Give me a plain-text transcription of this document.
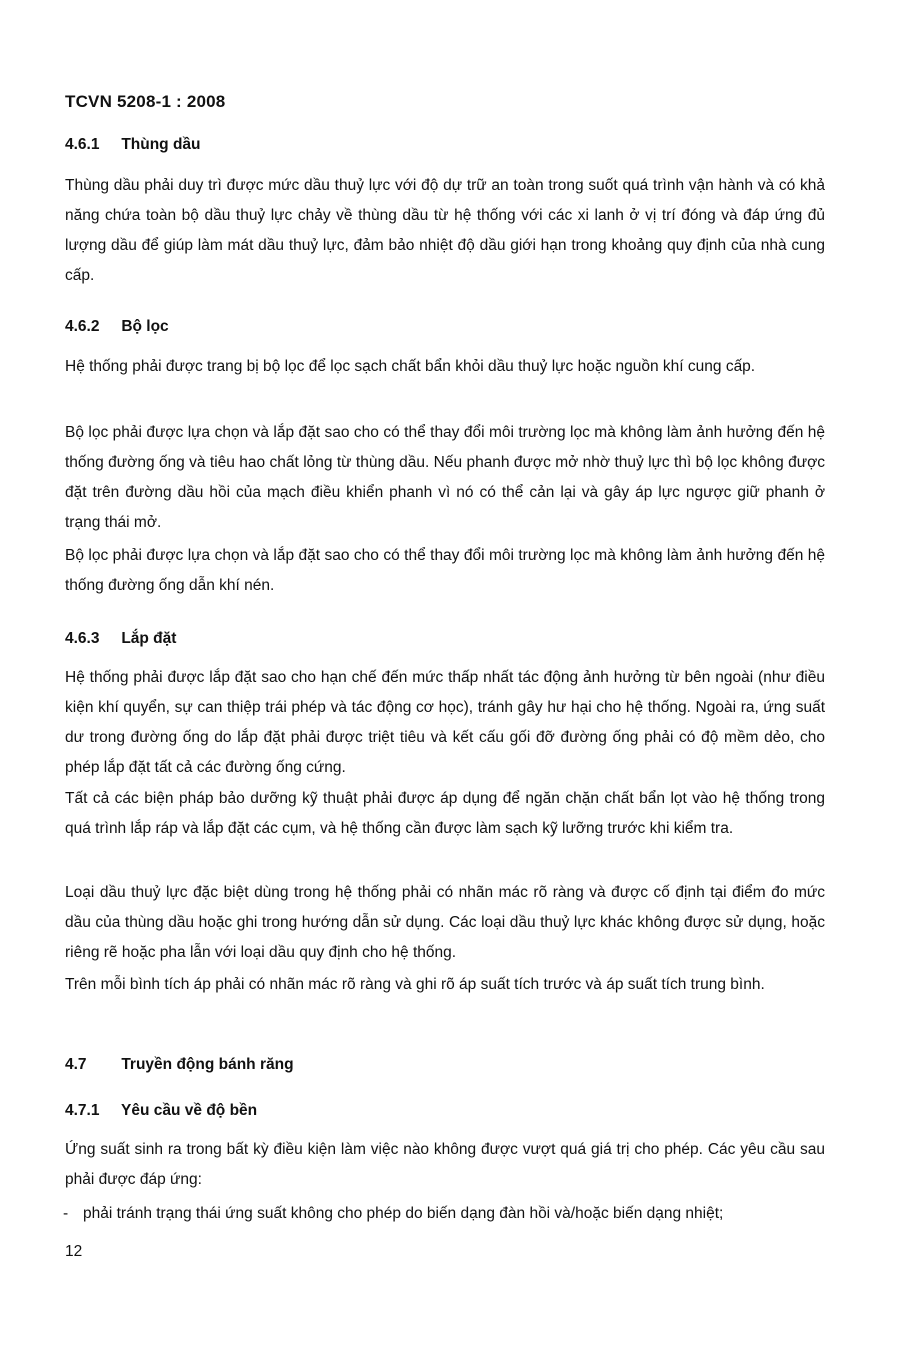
TCVN 5208-1 : 2008
4.6.1 Thùng dầu
Thùng dầu phải duy trì được mức dầu thuỷ lực với độ dự trữ an toàn trong suốt quá trình vận hành và có khả năng chứa toàn bộ dầu thuỷ lực chảy về thùng dầu từ hệ thống với các xi lanh ở vị trí đóng và đáp ứng đủ lượng dầu để giúp làm mát dầu thuỷ lực, đảm bảo nhiệt độ dầu giới hạn trong khoảng quy định của nhà cung cấp.
4.6.2 Bộ lọc
Hệ thống phải được trang bị bộ lọc để lọc sạch chất bẩn khỏi dầu thuỷ lực hoặc nguồn khí cung cấp.
Bộ lọc phải được lựa chọn và lắp đặt sao cho có thể thay đổi môi trường lọc mà không làm ảnh hưởng đến hệ thống đường ống và tiêu hao chất lỏng từ thùng dầu. Nếu phanh được mở nhờ thuỷ lực thì bộ lọc không được đặt trên đường dầu hồi của mạch điều khiển phanh vì nó có thể cản lại và gây áp lực ngược giữ phanh ở trạng thái mở.
Bộ lọc phải được lựa chọn và lắp đặt sao cho có thể thay đổi môi trường lọc mà không làm ảnh hưởng đến hệ thống đường ống dẫn khí nén.
4.6.3 Lắp đặt
Hệ thống phải được lắp đặt sao cho hạn chế đến mức thấp nhất tác động ảnh hưởng từ bên ngoài (như điều kiện khí quyển, sự can thiệp trái phép và tác động cơ học), tránh gây hư hại cho hệ thống. Ngoài ra, ứng suất dư trong đường ống do lắp đặt phải được triệt tiêu và kết cấu gối đỡ đường ống phải có độ mềm dẻo, cho phép lắp đặt tất cả các đường ống cứng.
Tất cả các biện pháp bảo dưỡng kỹ thuật phải được áp dụng để ngăn chặn chất bẩn lọt vào hệ thống trong quá trình lắp ráp và lắp đặt các cụm, và hệ thống cần được làm sạch kỹ lưỡng trước khi kiểm tra.
Loại dầu thuỷ lực đặc biệt dùng trong hệ thống phải có nhãn mác rõ ràng và được cố định tại điểm đo mức dầu của thùng dầu hoặc ghi trong hướng dẫn sử dụng. Các loại dầu thuỷ lực khác không được sử dụng, hoặc riêng rẽ hoặc pha lẫn với loại dầu quy định cho hệ thống.
Trên mỗi bình tích áp phải có nhãn mác rõ ràng và ghi rõ áp suất tích trước và áp suất tích trung bình.
4.7 Truyền động bánh răng
4.7.1 Yêu cầu về độ bền
Ứng suất sinh ra trong bất kỳ điều kiện làm việc nào không được vượt quá giá trị cho phép. Các yêu cầu sau phải được đáp ứng:
- phải tránh trạng thái ứng suất không cho phép do biến dạng đàn hồi và/hoặc biến dạng nhiệt;
12
